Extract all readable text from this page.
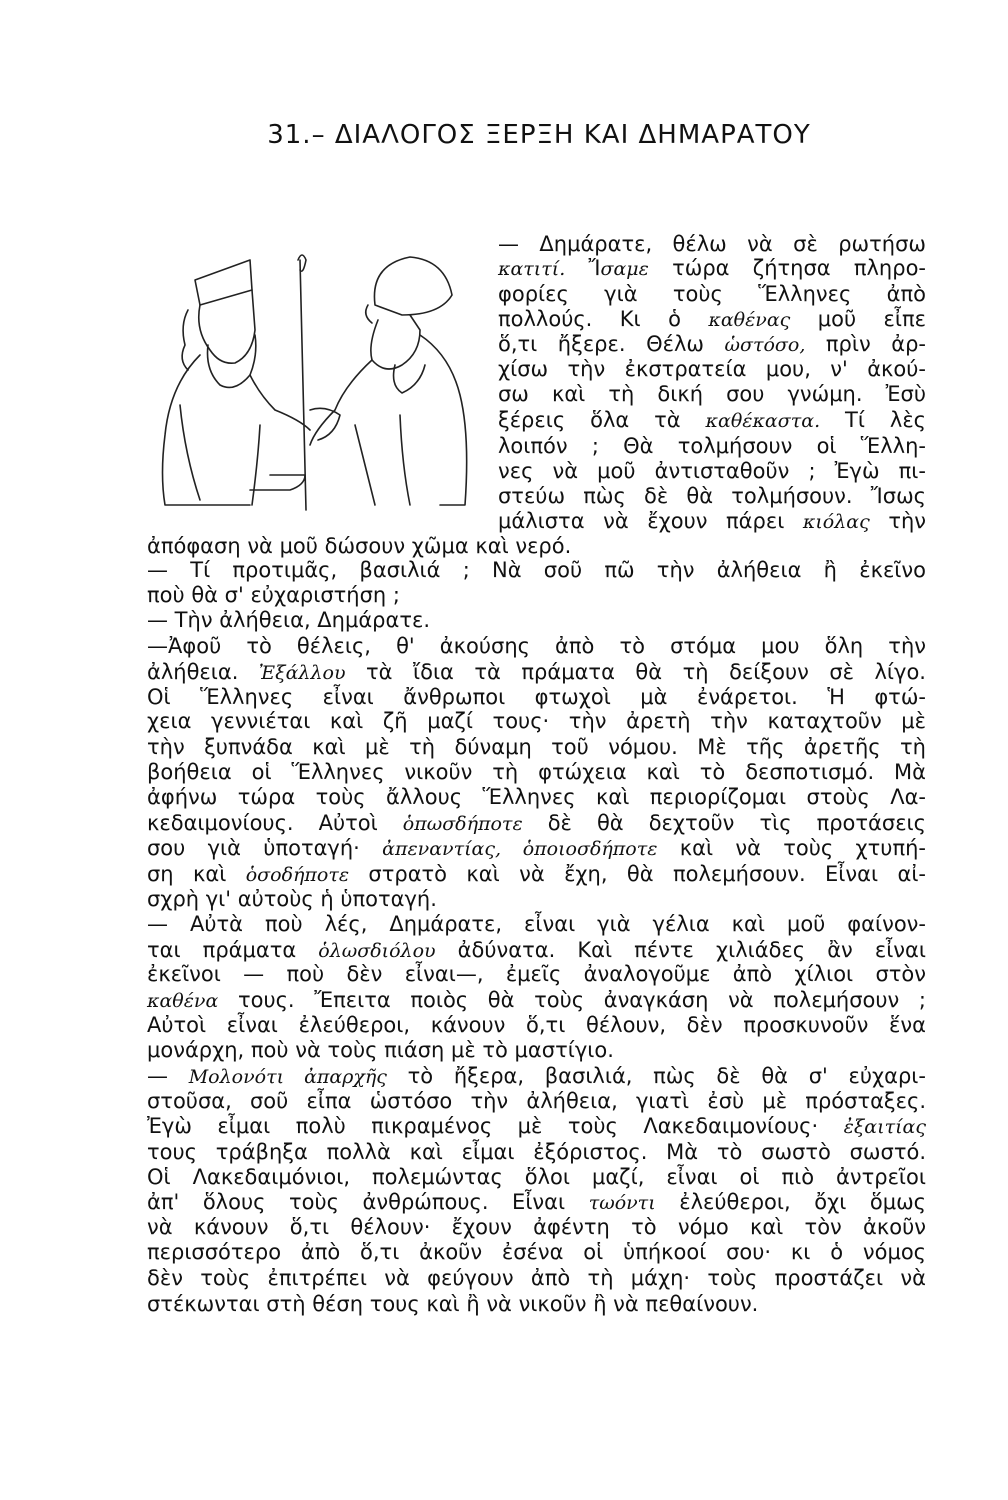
31.– ΔΙΑΛΟΓΟΣ ΞΕΡΞΗ ΚΑΙ ΔΗΜΑΡΑΤΟΥ
— Δημάρατε, θέλω νὰ σὲ ρωτήσω
κατιτί. Ἴσαμε τώρα ζήτησα πληρο-
φορίες γιὰ τοὺς Ἕλληνες ἀπὸ
πολλούς. Κι ὁ καθένας μοῦ εἶπε
ὅ,τι ἤξερε. Θέλω ὡστόσο, πρὶν ἀρ-
χίσω τὴν ἐκστρατεία μου, ν' ἀκού-
σω καὶ τὴ δική σου γνώμη. Ἐσὺ
ξέρεις ὅλα τὰ καθέκαστα. Τί λὲς
λοιπόν ; Θὰ τολμήσουν οἱ Ἕλλη-
νες νὰ μοῦ ἀντισταθοῦν ; Ἐγὼ πι-
στεύω πὼς δὲ θὰ τολμήσουν. Ἴσως
μάλιστα νὰ ἔχουν πάρει κιόλας τὴν
ἀπόφαση νὰ μοῦ δώσουν χῶμα καὶ νερό.
— Τί προτιμᾶς, βασιλιά ; Νὰ σοῦ πῶ τὴν ἀλήθεια ἢ ἐκεῖνο
ποὺ θὰ σ' εὐχαριστήση ;
— Τὴν ἀλήθεια, Δημάρατε.
—Ἀφοῦ τὸ θέλεις, θ' ἀκούσης ἀπὸ τὸ στόμα μου ὅλη τὴν
ἀλήθεια. Ἐξάλλου τὰ ἴδια τὰ πράματα θὰ τὴ δείξουν σὲ λίγο.
Οἱ Ἕλληνες εἶναι ἄνθρωποι φτωχοὶ μὰ ἐνάρετοι. Ἡ φτώ-
χεια γεννιέται καὶ ζῆ μαζί τους· τὴν ἀρετὴ τὴν καταχτοῦν μὲ
τὴν ξυπνάδα καὶ μὲ τὴ δύναμη τοῦ νόμου. Μὲ τῆς ἀρετῆς τὴ
βοήθεια οἱ Ἕλληνες νικοῦν τὴ φτώχεια καὶ τὸ δεσποτισμό. Μὰ
ἀφήνω τώρα τοὺς ἄλλους Ἕλληνες καὶ περιορίζομαι στοὺς Λα-
κεδαιμονίους. Αὐτοὶ ὁπωσδήποτε δὲ θὰ δεχτοῦν τὶς προτάσεις
σου γιὰ ὑποταγή· ἀπεναντίας, ὁποιοσδήποτε καὶ νὰ τοὺς χτυπή-
ση καὶ ὁσοδήποτε στρατὸ καὶ νὰ ἔχη, θὰ πολεμήσουν. Εἶναι αἰ-
σχρὴ γι' αὐτοὺς ἡ ὑποταγή.
— Αὐτὰ ποὺ λές, Δημάρατε, εἶναι γιὰ γέλια καὶ μοῦ φαίνον-
ται πράματα ὁλωσδιόλου ἀδύνατα. Καὶ πέντε χιλιάδες ἂν εἶναι
ἐκεῖνοι — ποὺ δὲν εἶναι—, ἐμεῖς ἀναλογοῦμε ἀπὸ χίλιοι στὸν
καθένα τους. Ἔπειτα ποιὸς θὰ τοὺς ἀναγκάση νὰ πολεμήσουν ;
Αὐτοὶ εἶναι ἐλεύθεροι, κάνουν ὅ,τι θέλουν, δὲν προσκυνοῦν ἕνα
μονάρχη, ποὺ νὰ τοὺς πιάση μὲ τὸ μαστίγιο.
— Μολονότι ἀπαρχῆς τὸ ἤξερα, βασιλιά, πὼς δὲ θὰ σ' εὐχαρι-
στοῦσα, σοῦ εἶπα ὡστόσο τὴν ἀλήθεια, γιατὶ ἐσὺ μὲ πρόσταξες.
Ἐγὼ εἶμαι πολὺ πικραμένος μὲ τοὺς Λακεδαιμονίους· ἐξαιτίας
τους τράβηξα πολλὰ καὶ εἶμαι ἐξόριστος. Μὰ τὸ σωστὸ σωστό.
Οἱ Λακεδαιμόνιοι, πολεμώντας ὅλοι μαζί, εἶναι οἱ πιὸ ἀντρεῖοι
ἀπ' ὅλους τοὺς ἀνθρώπους. Εἶναι τωόντι ἐλεύθεροι, ὄχι ὅμως
νὰ κάνουν ὅ,τι θέλουν· ἔχουν ἀφέντη τὸ νόμο καὶ τὸν ἀκοῦν
περισσότερο ἀπὸ ὅ,τι ἀκοῦν ἐσένα οἱ ὑπήκοοί σου· κι ὁ νόμος
δὲν τοὺς ἐπιτρέπει νὰ φεύγουν ἀπὸ τὴ μάχη· τοὺς προστάζει νὰ
στέκωνται στὴ θέση τους καὶ ἢ νὰ νικοῦν ἢ νὰ πεθαίνουν.
